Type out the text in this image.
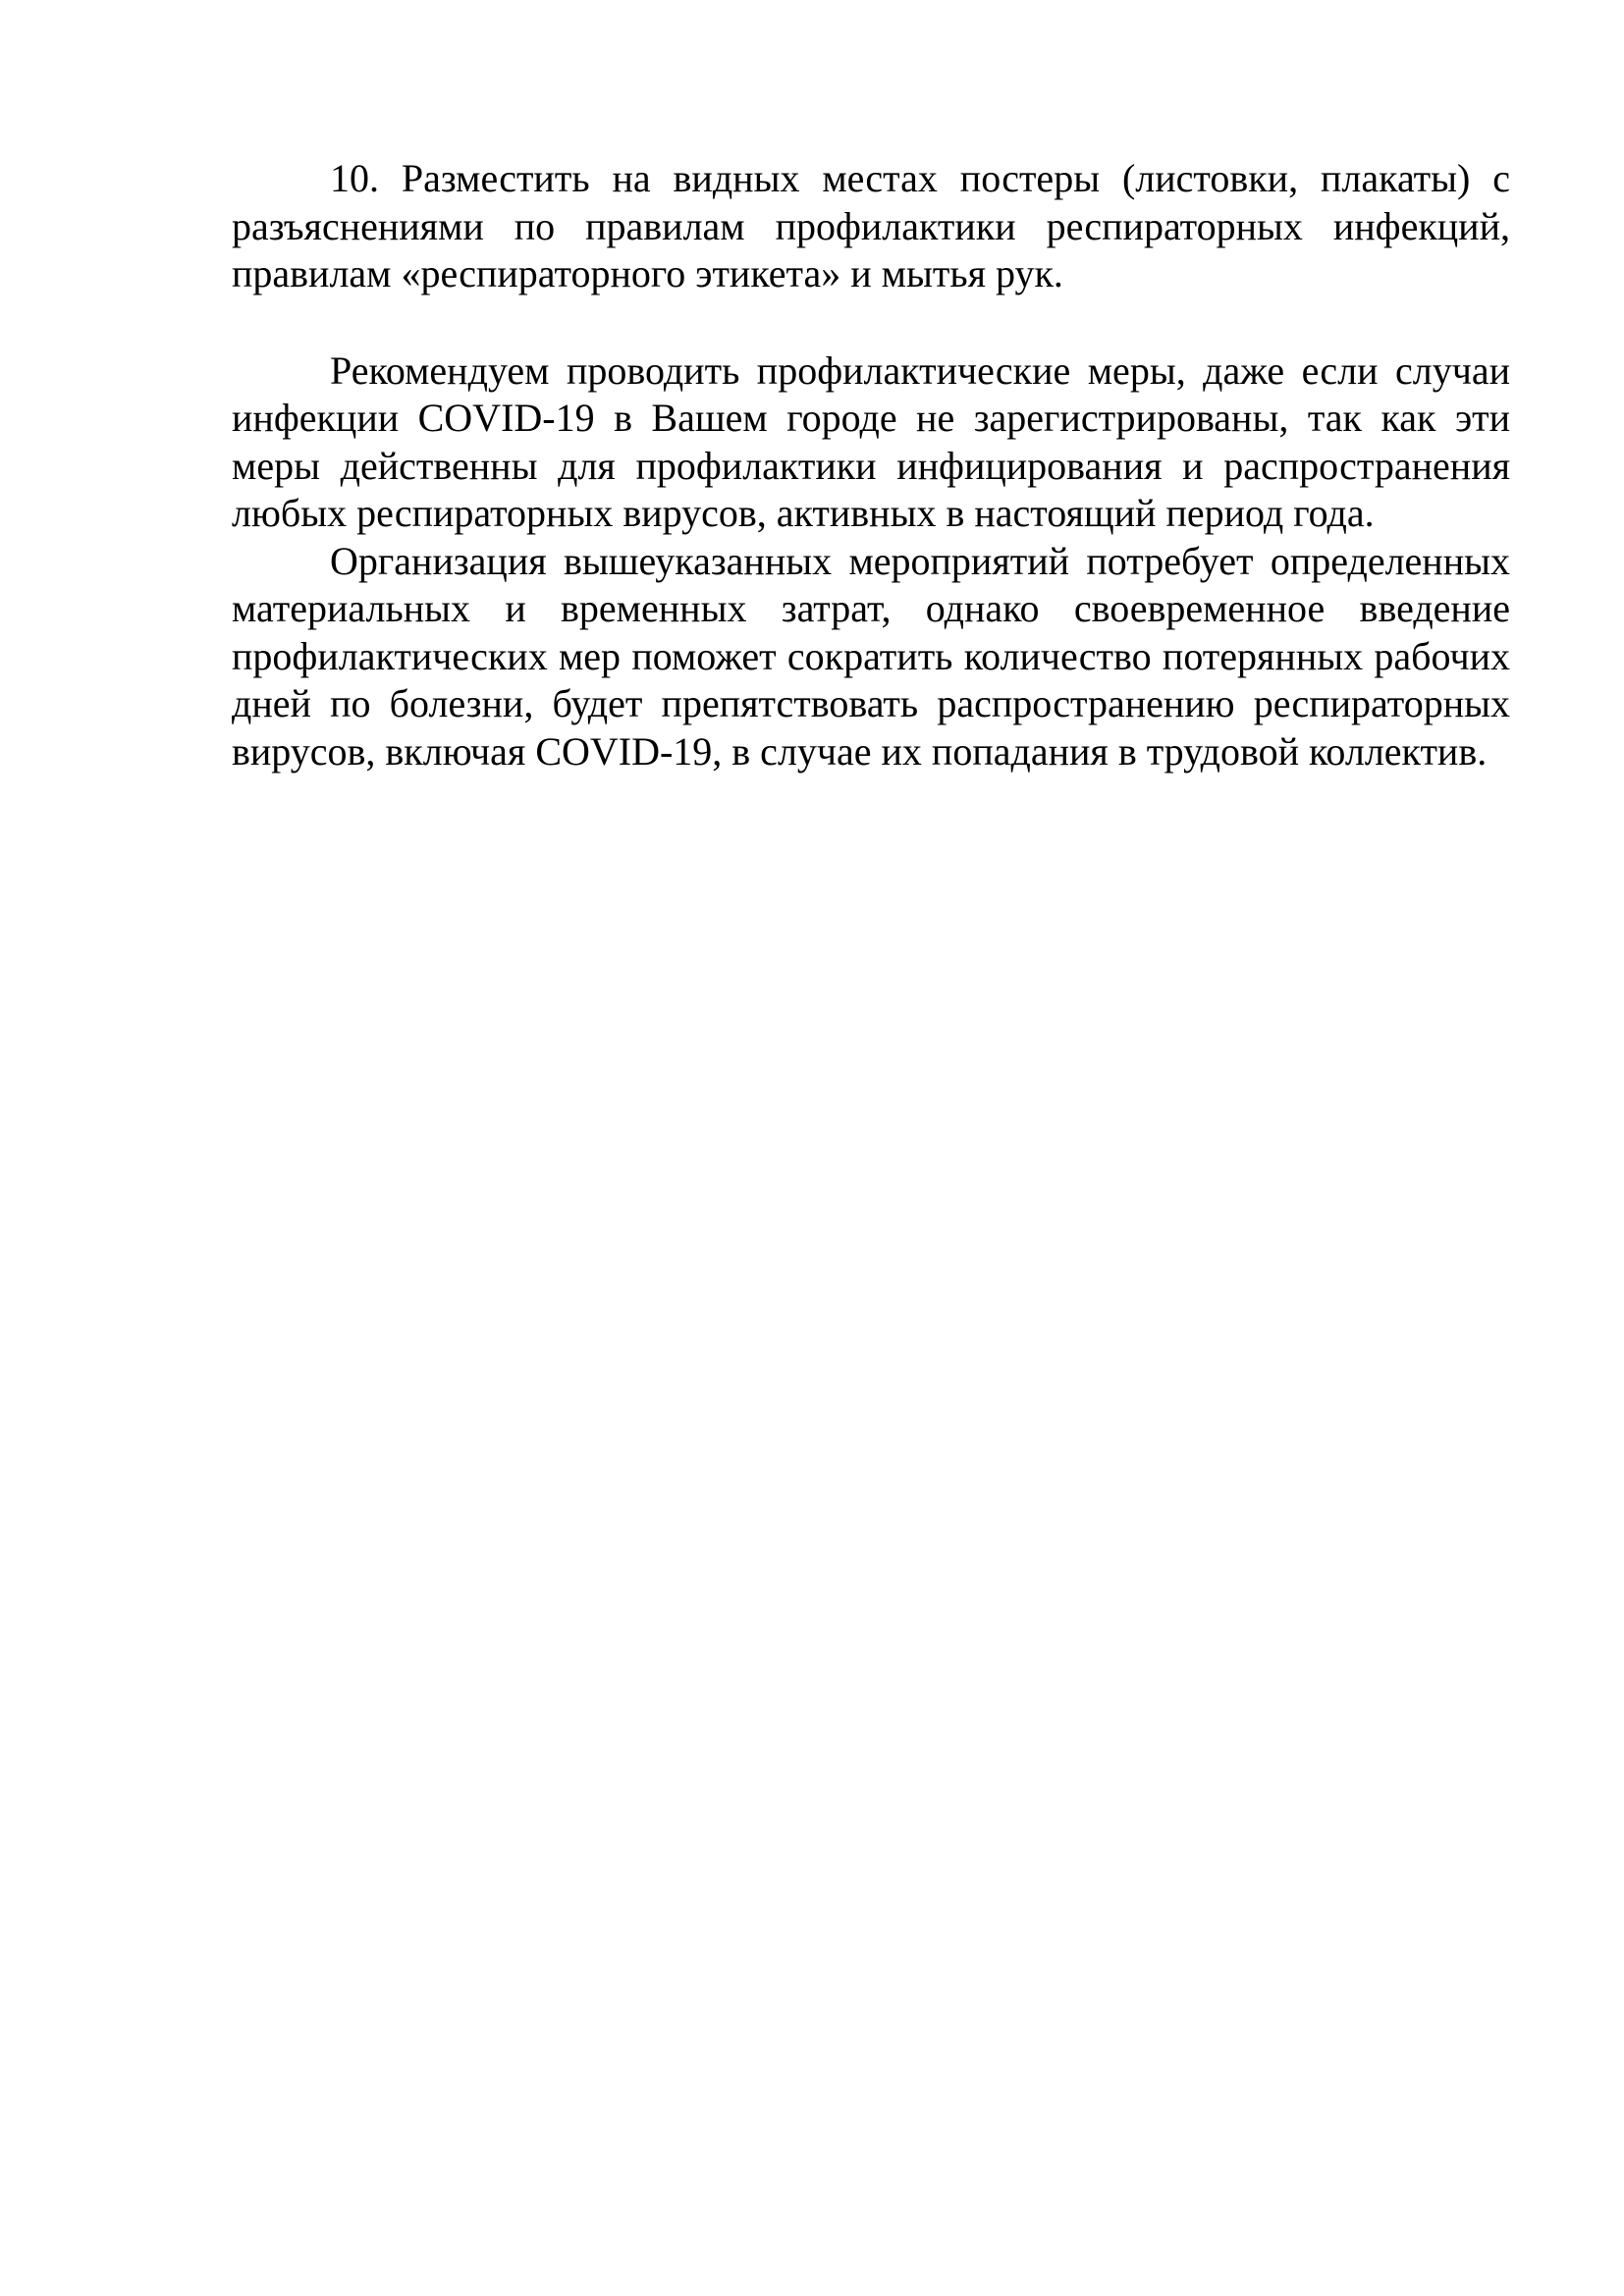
10. Разместить на видных местах постеры (листовки, плакаты) с разъяснениями по правилам профилактики респираторных инфекций, правилам «респираторного этикета» и мытья рук.

Рекомендуем проводить профилактические меры, даже если случаи инфекции COVID-19 в Вашем городе не зарегистрированы, так как эти меры действенны для профилактики инфицирования и распространения любых респираторных вирусов, активных в настоящий период года.

Организация вышеуказанных мероприятий потребует определенных материальных и временных затрат, однако своевременное введение профилактических мер поможет сократить количество потерянных рабочих дней по болезни, будет препятствовать распространению респираторных вирусов, включая COVID-19, в случае их попадания в трудовой коллектив.
